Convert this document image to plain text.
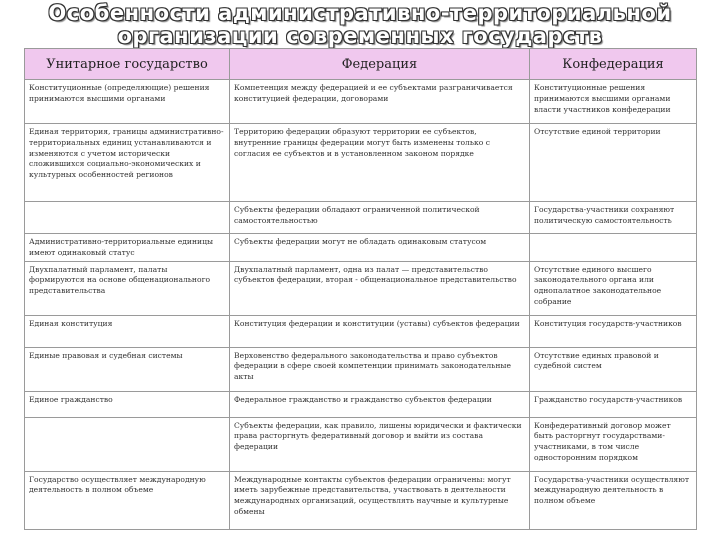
Особенности административно-территориальной
организации современных государств
Унитарное государство	Федерация	Конфедерация
Конституционные (определяющие) решения принимаются высшими органами	Компетенция между федерацией и ее субъектами разграничивается конституцией федерации, договорами	Конституционные решения принимаются высшими органами власти участников конфедерации
Единая территория, границы административно-территориальных единиц устанавливаются и изменяются с учетом исторически сложившихся социально-экономических и культурных особенностей регионов	Территорию федерации образуют территории ее субъектов, внутренние границы федерации могут быть изменены только с согласия ее субъектов и в установленном законом порядке	Отсутствие единой территории
	Субъекты федерации обладают ограниченной политической самостоятельностью	Государства-участники сохраняют политическую самостоятельность
Административно-территориальные единицы имеют одинаковый статус	Субъекты федерации могут не обладать одинаковым статусом	
Двухпалатный парламент, палаты формируются на основе общенационального представительства	Двухпалатный парламент, одна из палат — представительство субъектов федерации, вторая - общенациональное представительство	Отсутствие единого высшего законодательного органа или однопалатное законодательное собрание
Единая конституция	Конституция федерации и конституции (уставы) субъектов федерации	Конституция государств-участников
Единые правовая и судебная системы	Верховенство федерального законодательства и право субъектов федерации в сфере своей компетенции принимать законодательные акты	Отсутствие единых правовой и судебной систем
Единое гражданство	Федеральное гражданство и гражданство субъектов федерации	Гражданство государств-участников
	Субъекты федерации, как правило, лишены юридически и фактически права расторгнуть федеративный договор и выйти из состава федерации	Конфедеративный договор может быть расторгнут государствами-участниками, в том числе односторонним порядком
Государство осуществляет международную деятельность в полном объеме	Международные контакты субъектов федерации ограничены: могут иметь зарубежные представительства, участвовать в деятельности международных организаций, осуществлять научные и культурные обмены	Государства-участники осуществляют международную деятельность в полном объеме
